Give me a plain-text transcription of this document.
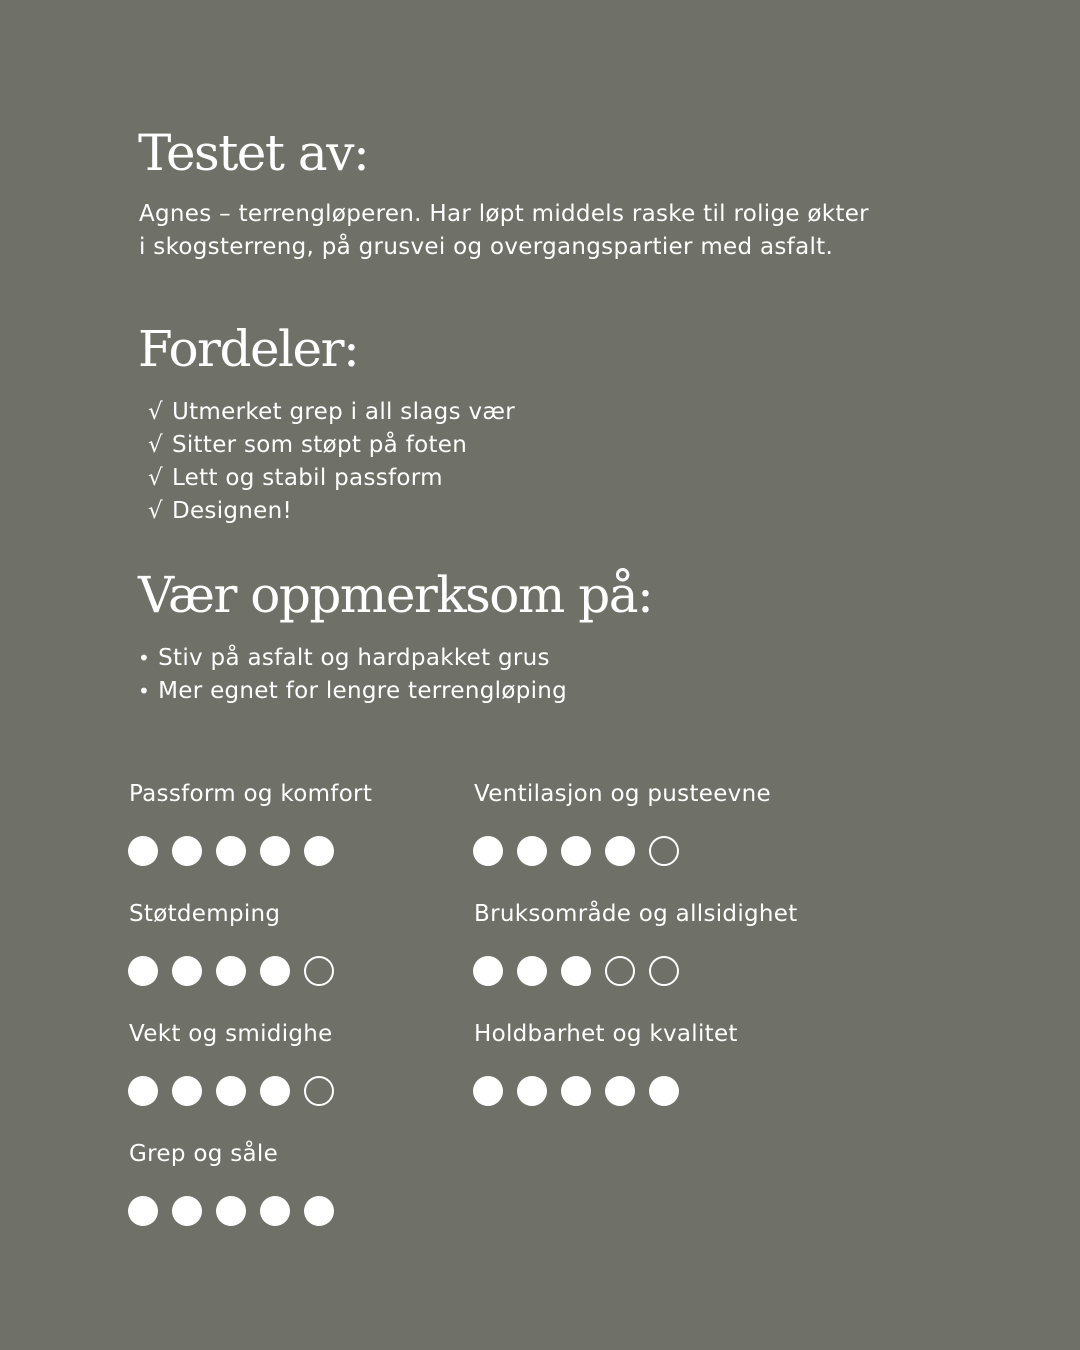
Testet av:

Agnes – terrengløperen. Har løpt middels raske til rolige økter
i skogsterreng, på grusvei og overgangspartier med asfalt.

Fordeler:
√ Utmerket grep i all slags vær
√ Sitter som støpt på foten
√ Lett og stabil passform
√ Designen!
Vær oppmerksom på:
• Stiv på asfalt og hardpakket grus
• Mer egnet for lengre terrengløping
Passform og komfort	Ventilasjon og pusteevne
Støtdemping	Bruksområde og allsidighet
Vekt og smidighe	Holdbarhet og kvalitet
Grep og såle
